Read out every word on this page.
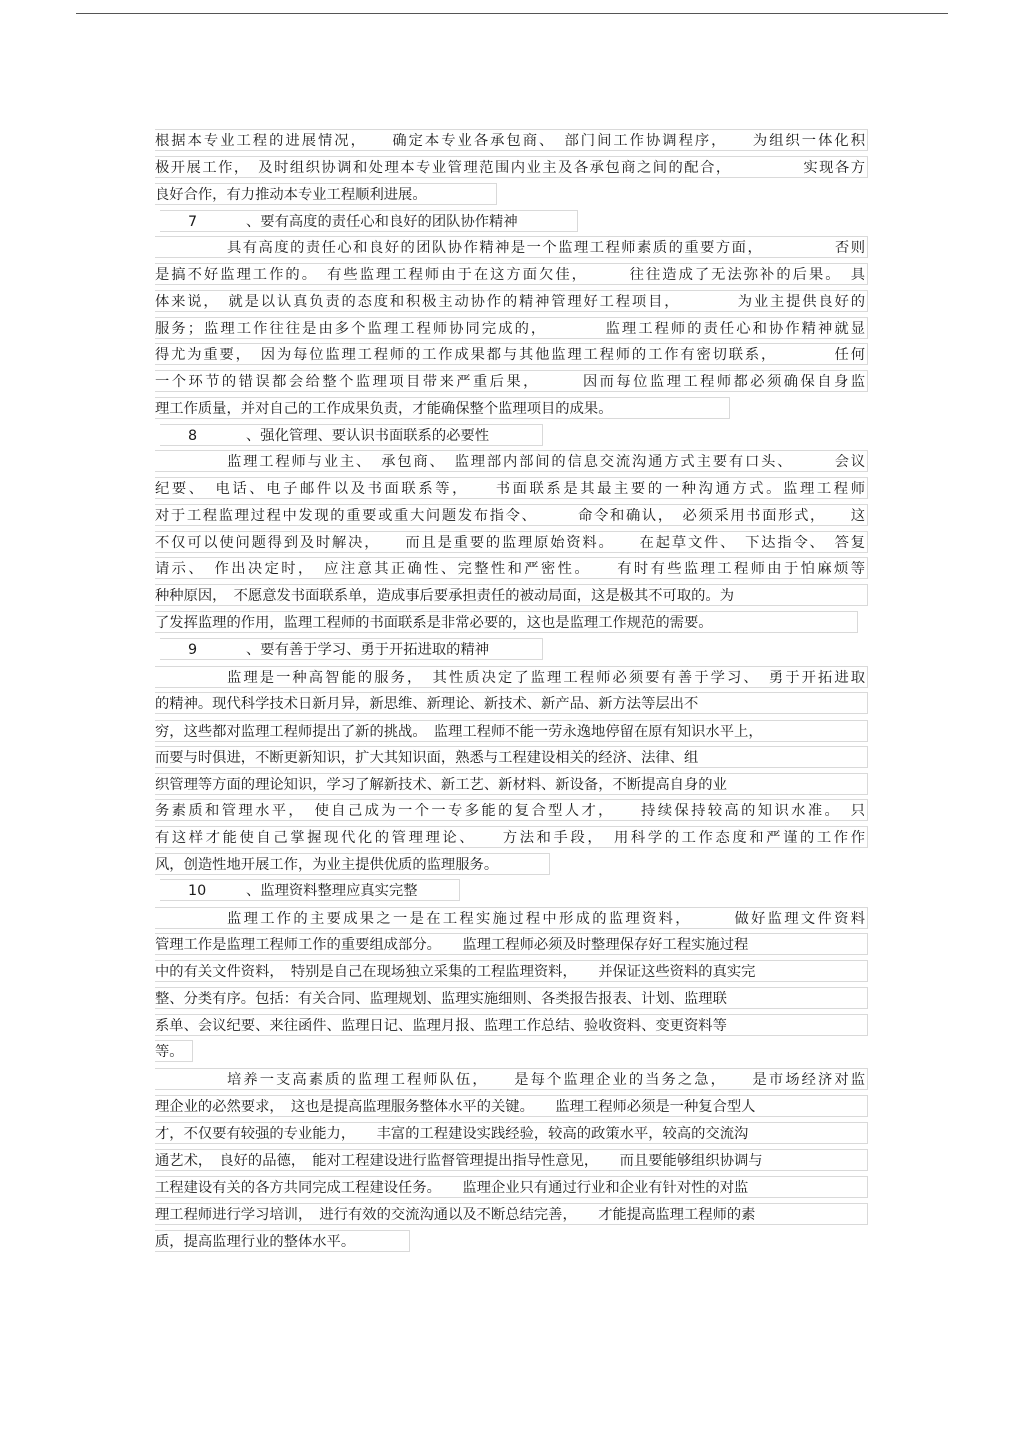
根据本专业工程的进展情况，　　确定本专业各承包商、　部门间工作协调程序，　　为组织一体化积
极开展工作，　及时组织协调和处理本专业管理范围内业主及各承包商之间的配合，　　　　　实现各方
良好合作，有力推动本专业工程顺利进展。
7	、要有高度的责任心和良好的团队协作精神
具有高度的责任心和良好的团队协作精神是一个监理工程师素质的重要方面，　　　　　否则
是搞不好监理工作的。　有些监理工程师由于在这方面欠佳，　　　往往造成了无法弥补的后果。　具
体来说，　就是以认真负责的态度和积极主动协作的精神管理好工程项目，　　　　为业主提供良好的
服务；监理工作往往是由多个监理工程师协同完成的，　　　　监理工程师的责任心和协作精神就显
得尤为重要，　因为每位监理工程师的工作成果都与其他监理工程师的工作有密切联系，　　　　任何
一个环节的错误都会给整个监理项目带来严重后果，　　　因而每位监理工程师都必须确保自身监
理工作质量，并对自己的工作成果负责，才能确保整个监理项目的成果。
8	、强化管理、要认识书面联系的必要性
监理工程师与业主、　承包商、　监理部内部间的信息交流沟通方式主要有口头、　　　会议
纪要、　电话、电子邮件以及书面联系等，　　书面联系是其最主要的一种沟通方式。监理工程师
对于工程监理过程中发现的重要或重大问题发布指令、　　　命令和确认，　必须采用书面形式，　　这
不仅可以使问题得到及时解决，　　而且是重要的监理原始资料。　　在起草文件、　下达指令、　答复
请示、　作出决定时，　应注意其正确性、完整性和严密性。　　有时有些监理工程师由于怕麻烦等
种种原因，　不愿意发书面联系单，造成事后要承担责任的被动局面，这是极其不可取的。为
了发挥监理的作用，监理工程师的书面联系是非常必要的，这也是监理工作规范的需要。
9	、要有善于学习、勇于开拓进取的精神
监理是一种高智能的服务，　其性质决定了监理工程师必须要有善于学习、　勇于开拓进取
的精神。现代科学技术日新月异，新思维、新理论、新技术、新产品、新方法等层出不
穷，这些都对监理工程师提出了新的挑战。　监理工程师不能一劳永逸地停留在原有知识水平上，
而要与时俱进，不断更新知识，扩大其知识面，熟悉与工程建设相关的经济、法律、组
织管理等方面的理论知识，学习了解新技术、新工艺、新材料、新设备，不断提高自身的业
务素质和管理水平，　使自己成为一个一专多能的复合型人才，　　持续保持较高的知识水准。　只
有这样才能使自己掌握现代化的管理理论、　　方法和手段，　用科学的工作态度和严谨的工作作
风，创造性地开展工作，为业主提供优质的监理服务。
10	、监理资料整理应真实完整
监理工作的主要成果之一是在工程实施过程中形成的监理资料，　　　做好监理文件资料
管理工作是监理工程师工作的重要组成部分。　　监理工程师必须及时整理保存好工程实施过程
中的有关文件资料，　特别是自己在现场独立采集的工程监理资料，　　并保证这些资料的真实完
整、分类有序。包括：有关合同、监理规划、监理实施细则、各类报告报表、计划、监理联
系单、会议纪要、来往函件、监理日记、监理月报、监理工作总结、验收资料、变更资料等
等。
培养一支高素质的监理工程师队伍，　　是每个监理企业的当务之急，　　是市场经济对监
理企业的必然要求，　这也是提高监理服务整体水平的关键。　　监理工程师必须是一种复合型人
才，不仅要有较强的专业能力，　　丰富的工程建设实践经验，较高的政策水平，较高的交流沟
通艺术，　良好的品德，　能对工程建设进行监督管理提出指导性意见，　　而且要能够组织协调与
工程建设有关的各方共同完成工程建设任务。　　监理企业只有通过行业和企业有针对性的对监
理工程师进行学习培训，　进行有效的交流沟通以及不断总结完善，　　才能提高监理工程师的素
质，提高监理行业的整体水平。
